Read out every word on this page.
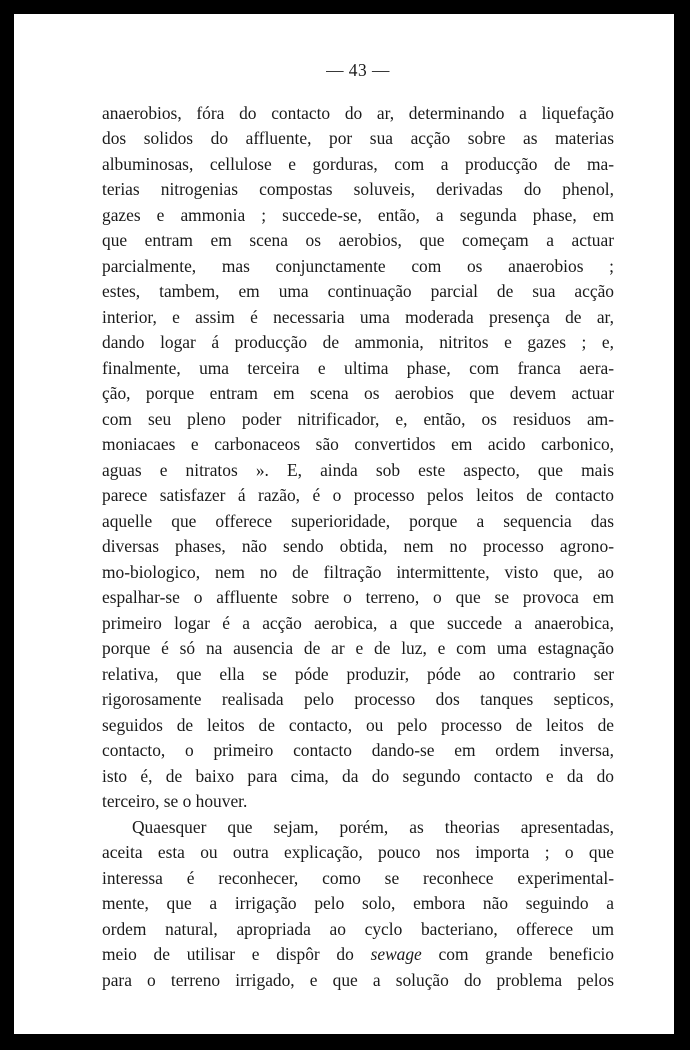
— 43 —

anaerobios, fóra do contacto do ar, determinando a liquefação
dos solidos do affluente, por sua acção sobre as materias
albuminosas, cellulose e gorduras, com a producção de ma-
terias nitrogenias compostas soluveis, derivadas do phenol,
gazes e ammonia ; succede-se, então, a segunda phase, em
que entram em scena os aerobios, que começam a actuar
parcialmente, mas conjunctamente com os anaerobios ;
estes, tambem, em uma continuação parcial de sua acção
interior, e assim é necessaria uma moderada presença de ar,
dando logar á producção de ammonia, nitritos e gazes ; e,
finalmente, uma terceira e ultima phase, com franca aera-
ção, porque entram em scena os aerobios que devem actuar
com seu pleno poder nitrificador, e, então, os residuos am-
moniacaes e carbonaceos são convertidos em acido carbonico,
aguas e nitratos ». E, ainda sob este aspecto, que mais
parece satisfazer á razão, é o processo pelos leitos de contacto
aquelle que offerece superioridade, porque a sequencia das
diversas phases, não sendo obtida, nem no processo agrono-
mo-biologico, nem no de filtração intermittente, visto que, ao
espalhar-se o affluente sobre o terreno, o que se provoca em
primeiro logar é a acção aerobica, a que succede a anaerobica,
porque é só na ausencia de ar e de luz, e com uma estagnação
relativa, que ella se póde produzir, póde ao contrario ser
rigorosamente realisada pelo processo dos tanques septicos,
seguidos de leitos de contacto, ou pelo processo de leitos de
contacto, o primeiro contacto dando-se em ordem inversa,
isto é, de baixo para cima, da do segundo contacto e da do
terceiro, se o houver.

Quaesquer que sejam, porém, as theorias apresentadas,
aceita esta ou outra explicação, pouco nos importa ; o que
interessa é reconhecer, como se reconhece experimental-
mente, que a irrigação pelo solo, embora não seguindo a
ordem natural, apropriada ao cyclo bacteriano, offerece um
meio de utilisar e dispôr do sewage com grande beneficio
para o terreno irrigado, e que a solução do problema pelos
